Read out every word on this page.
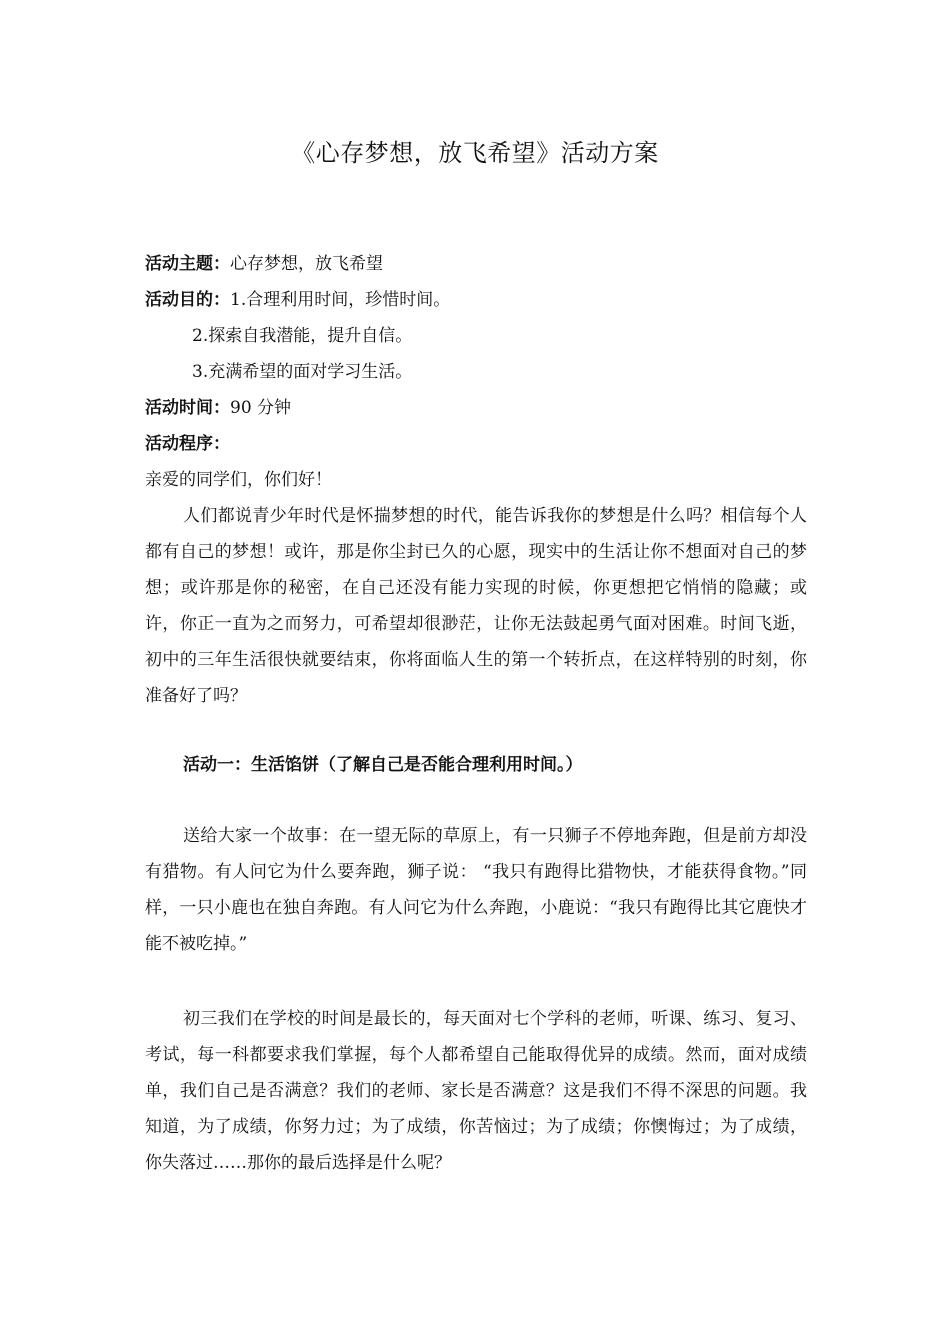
《心存梦想，放飞希望》活动方案
活动主题：心存梦想，放飞希望
活动目的：1.合理利用时间，珍惜时间。
2.探索自我潜能，提升自信。
3.充满希望的面对学习生活。
活动时间：90 分钟
活动程序：
亲爱的同学们，你们好！
人们都说青少年时代是怀揣梦想的时代，能告诉我你的梦想是什么吗？相信每个人都有自己的梦想！或许，那是你尘封已久的心愿，现实中的生活让你不想面对自己的梦想；或许那是你的秘密，在自己还没有能力实现的时候，你更想把它悄悄的隐藏；或许，你正一直为之而努力，可希望却很渺茫，让你无法鼓起勇气面对困难。时间飞逝，初中的三年生活很快就要结束，你将面临人生的第一个转折点，在这样特别的时刻，你准备好了吗？
活动一：生活馅饼（了解自己是否能合理利用时间。）
送给大家一个故事：在一望无际的草原上，有一只狮子不停地奔跑，但是前方却没有猎物。有人问它为什么要奔跑，狮子说： “我只有跑得比猎物快，才能获得食物。”同样，一只小鹿也在独自奔跑。有人问它为什么奔跑，小鹿说：“我只有跑得比其它鹿快才能不被吃掉。”
初三我们在学校的时间是最长的，每天面对七个学科的老师，听课、练习、复习、考试，每一科都要求我们掌握，每个人都希望自己能取得优异的成绩。然而，面对成绩单，我们自己是否满意？我们的老师、家长是否满意？这是我们不得不深思的问题。我知道，为了成绩，你努力过；为了成绩，你苦恼过；为了成绩；你懊悔过；为了成绩，你失落过……那你的最后选择是什么呢？
